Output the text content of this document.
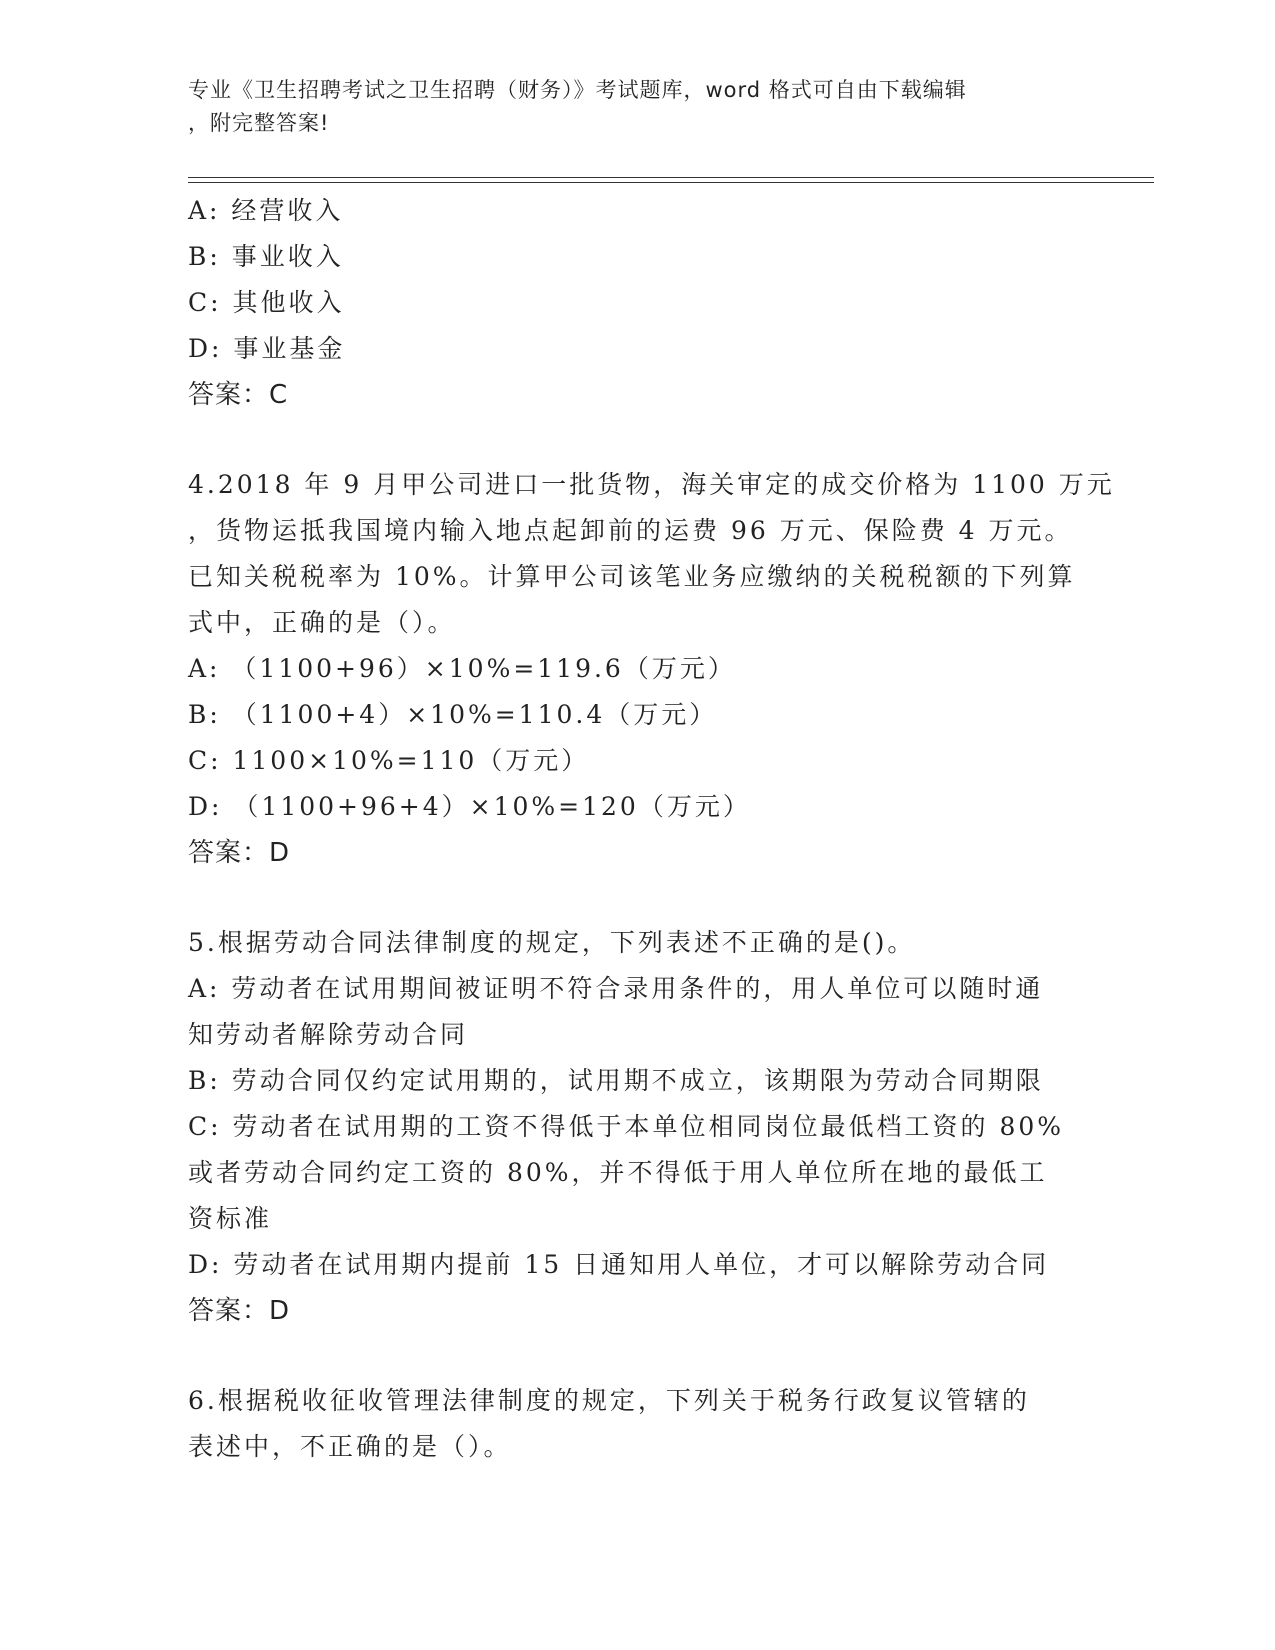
专业《卫生招聘考试之卫生招聘（财务）》考试题库，word 格式可自由下载编辑
，附完整答案!
A: 经营收入
B: 事业收入
C: 其他收入
D: 事业基金
答案：C
4.2018 年 9 月甲公司进口一批货物，海关审定的成交价格为 1100 万元
，货物运抵我国境内输入地点起卸前的运费 96 万元、保险费 4 万元。
已知关税税率为 10%。计算甲公司该笔业务应缴纳的关税税额的下列算
式中，正确的是（）。
A: （1100+96）×10%=119.6（万元）
B: （1100+4）×10%=110.4（万元）
C: 1100×10%=110（万元）
D: （1100+96+4）×10%=120（万元）
答案：D
5.根据劳动合同法律制度的规定，下列表述不正确的是()。
A: 劳动者在试用期间被证明不符合录用条件的，用人单位可以随时通
知劳动者解除劳动合同
B: 劳动合同仅约定试用期的，试用期不成立，该期限为劳动合同期限
C: 劳动者在试用期的工资不得低于本单位相同岗位最低档工资的 80%
或者劳动合同约定工资的 80%，并不得低于用人单位所在地的最低工
资标准
D: 劳动者在试用期内提前 15 日通知用人单位，才可以解除劳动合同
答案：D
6.根据税收征收管理法律制度的规定，下列关于税务行政复议管辖的
表述中，不正确的是（）。
